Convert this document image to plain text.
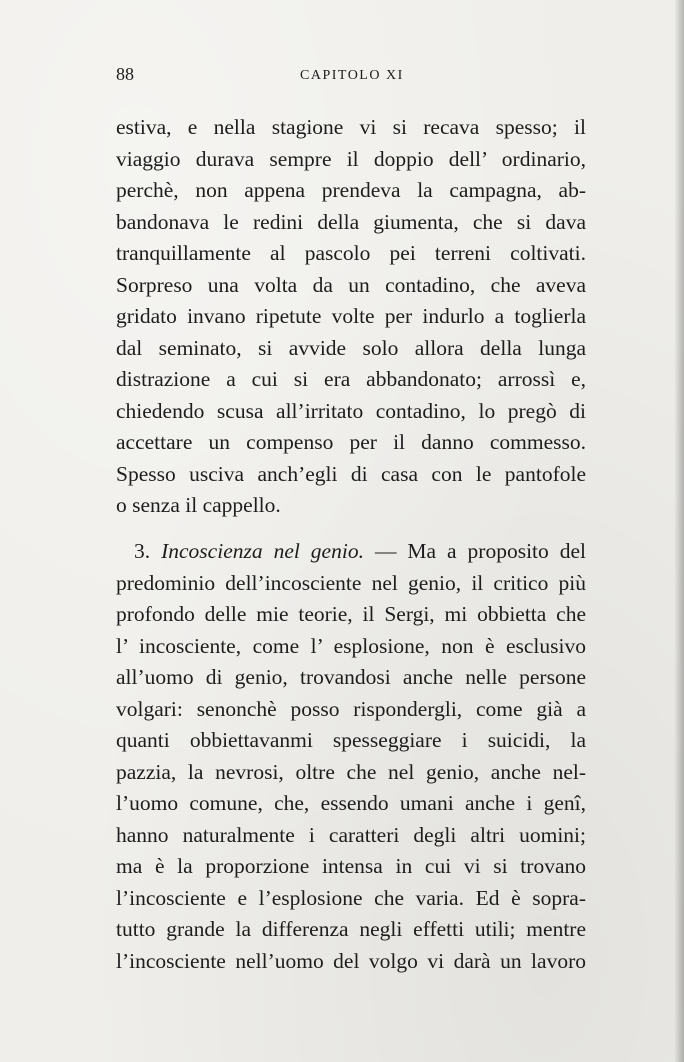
88	CAPITOLO XI
estiva, e nella stagione vi si recava spesso; il
viaggio durava sempre il doppio dell’ ordinario,
perchè, non appena prendeva la campagna, ab-
bandonava le redini della giumenta, che si dava
tranquillamente al pascolo pei terreni coltivati.
Sorpreso una volta da un contadino, che aveva
gridato invano ripetute volte per indurlo a toglierla
dal seminato, si avvide solo allora della lunga
distrazione a cui si era abbandonato; arrossì e,
chiedendo scusa all’irritato contadino, lo pregò di
accettare un compenso per il danno commesso.
Spesso usciva anch’egli di casa con le pantofole
o senza il cappello.
3. Incoscienza nel genio. — Ma a proposito del
predominio dell’incosciente nel genio, il critico più
profondo delle mie teorie, il Sergi, mi obbietta che
l’ incosciente, come l’ esplosione, non è esclusivo
all’uomo di genio, trovandosi anche nelle persone
volgari: senonchè posso rispondergli, come già a
quanti obbiettavanmi spesseggiare i suicidi, la
pazzia, la nevrosi, oltre che nel genio, anche nel-
l’uomo comune, che, essendo umani anche i genî,
hanno naturalmente i caratteri degli altri uomini;
ma è la proporzione intensa in cui vi si trovano
l’incosciente e l’esplosione che varia. Ed è sopra-
tutto grande la differenza negli effetti utili; mentre
l’incosciente nell’uomo del volgo vi darà un lavoro
